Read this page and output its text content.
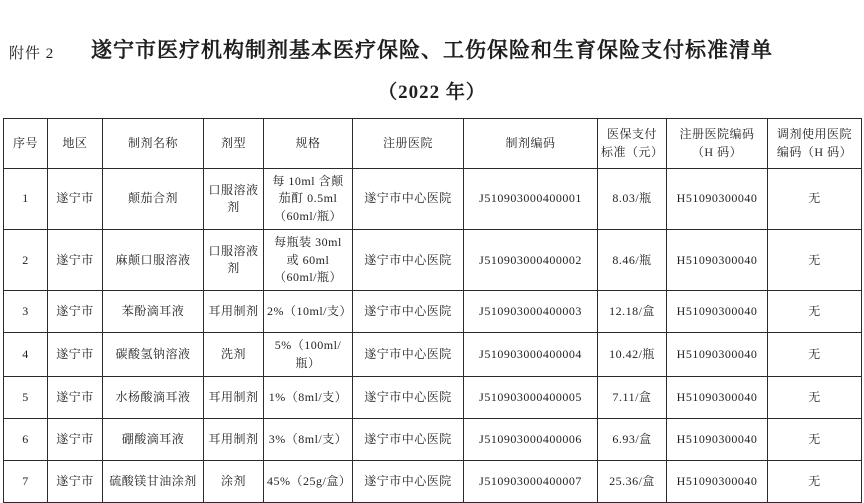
附件 2	遂宁市医疗机构制剂基本医疗保险、工伤保险和生育保险支付标准清单
（2022 年）
序号	地区	制剂名称	剂型	规格	注册医院	制剂编码	医保支付标准（元）	注册医院编码（H 码）	调剂使用医院编码（H 码）
1	遂宁市	颠茄合剂	口服溶液剂	每 10ml 含颠茄酊 0.5ml（60ml/瓶）	遂宁市中心医院	J510903000400001	8.03/瓶	H51090300040	无
2	遂宁市	麻颠口服溶液	口服溶液剂	每瓶装 30ml 或 60ml（60ml/瓶）	遂宁市中心医院	J510903000400002	8.46/瓶	H51090300040	无
3	遂宁市	苯酚滴耳液	耳用制剂	2%（10ml/支）	遂宁市中心医院	J510903000400003	12.18/盒	H51090300040	无
4	遂宁市	碳酸氢钠溶液	洗剂	5%（100ml/瓶）	遂宁市中心医院	J510903000400004	10.42/瓶	H51090300040	无
5	遂宁市	水杨酸滴耳液	耳用制剂	1%（8ml/支）	遂宁市中心医院	J510903000400005	7.11/盒	H51090300040	无
6	遂宁市	硼酸滴耳液	耳用制剂	3%（8ml/支）	遂宁市中心医院	J510903000400006	6.93/盒	H51090300040	无
7	遂宁市	硫酸镁甘油涂剂	涂剂	45%（25g/盒）	遂宁市中心医院	J510903000400007	25.36/盒	H51090300040	无
